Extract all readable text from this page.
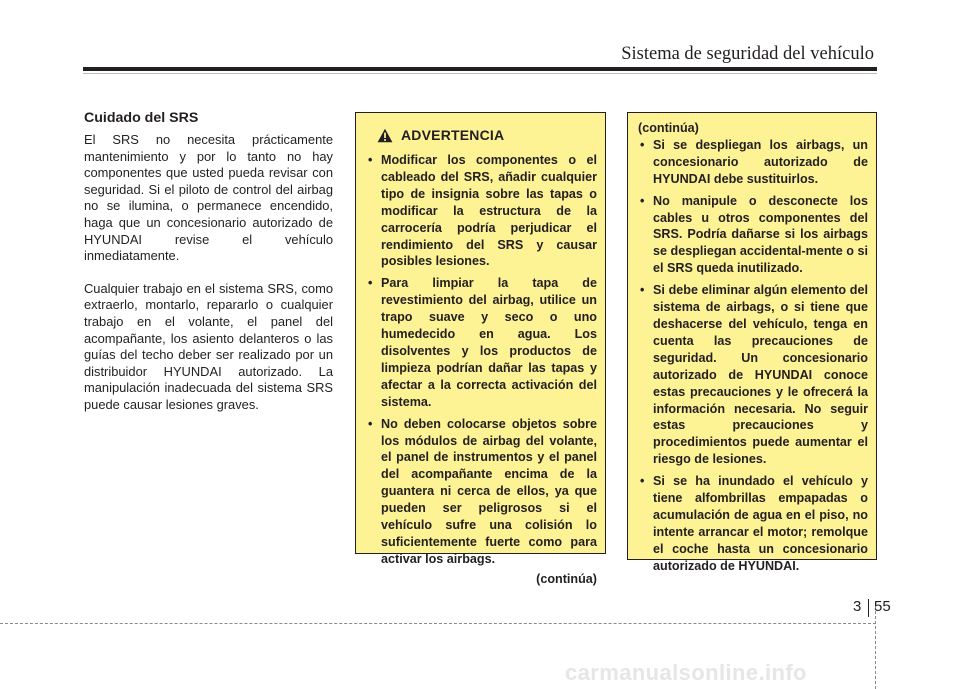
Sistema de seguridad del vehículo
Cuidado del SRS

El SRS no necesita prácticamente mantenimiento y por lo tanto no hay componentes que usted pueda revisar con seguridad. Si el piloto de control del airbag no se ilumina, o permanece encendido, haga que un concesionario autorizado de HYUNDAI revise el vehículo inmediatamente.

Cualquier trabajo en el sistema SRS, como extraerlo, montarlo, repararlo o cualquier trabajo en el volante, el panel del acompañante, los asiento delanteros o las guías del techo deber ser realizado por un distribuidor HYUNDAI autorizado. La manipulación inadecuada del sistema SRS puede causar lesiones graves.

ADVERTENCIA
• Modificar los componentes o el cableado del SRS, añadir cualquier tipo de insignia sobre las tapas o modificar la estructura de la carrocería podría perjudicar el rendimiento del SRS y causar posibles lesiones.
• Para limpiar la tapa de revestimiento del airbag, utilice un trapo suave y seco o uno humedecido en agua. Los disolventes y los productos de limpieza podrían dañar las tapas y afectar a la correcta activación del sistema.
• No deben colocarse objetos sobre los módulos de airbag del volante, el panel de instrumentos y el panel del acompañante encima de la guantera ni cerca de ellos, ya que pueden ser peligrosos si el vehículo sufre una colisión lo suficientemente fuerte como para activar los airbags.
(continúa)
(continúa)
• Si se despliegan los airbags, un concesionario autorizado de HYUNDAI debe sustituirlos.
• No manipule o desconecte los cables u otros componentes del SRS. Podría dañarse si los airbags se despliegan accidental-mente o si el SRS queda inutilizado.
• Si debe eliminar algún elemento del sistema de airbags, o si tiene que deshacerse del vehículo, tenga en cuenta las precauciones de seguridad. Un concesionario autorizado de HYUNDAI conoce estas precauciones y le ofrecerá la información necesaria. No seguir estas precauciones y procedimientos puede aumentar el riesgo de lesiones.
• Si se ha inundado el vehículo y tiene alfombrillas empapadas o acumulación de agua en el piso, no intente arrancar el motor; remolque el coche hasta un concesionario autorizado de HYUNDAI.
3 55
carmanualsonline.info
